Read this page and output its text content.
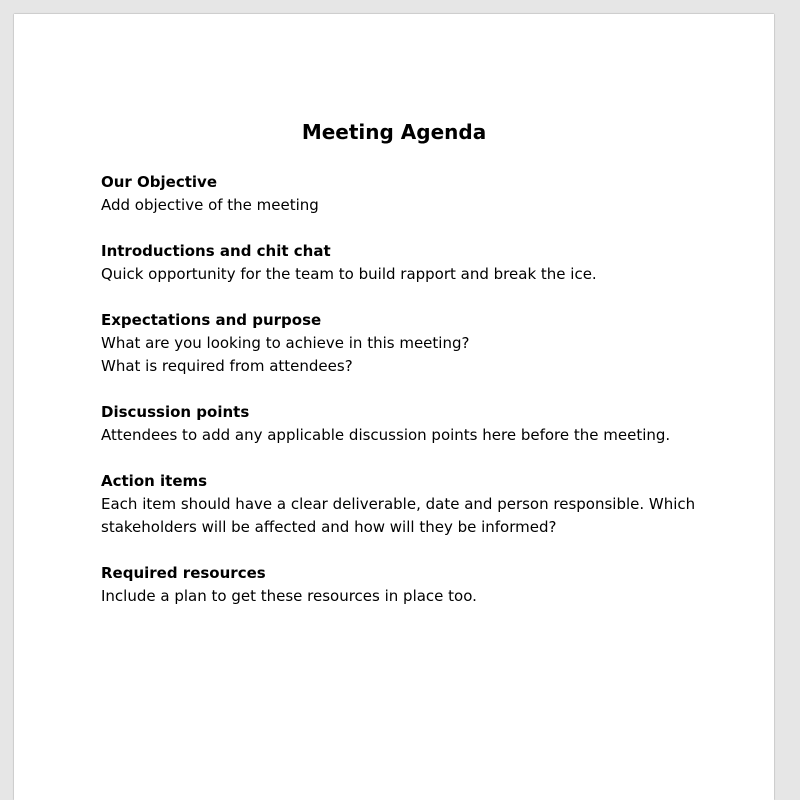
Meeting Agenda
Our Objective
Add objective of the meeting
Introductions and chit chat
Quick opportunity for the team to build rapport and break the ice.
Expectations and purpose
What are you looking to achieve in this meeting?
What is required from attendees?
Discussion points
Attendees to add any applicable discussion points here before the meeting.
Action items
Each item should have a clear deliverable, date and person responsible. Which
stakeholders will be affected and how will they be informed?
Required resources
Include a plan to get these resources in place too.
